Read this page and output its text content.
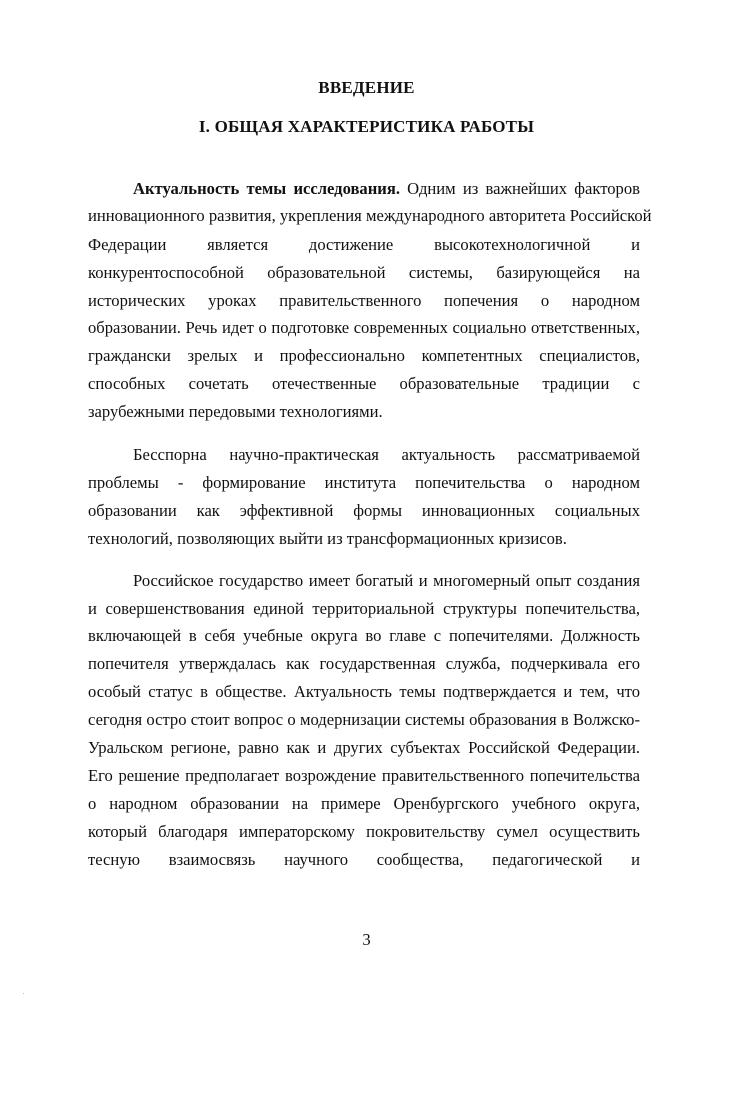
ВВЕДЕНИЕ
I. ОБЩАЯ ХАРАКТЕРИСТИКА РАБОТЫ
Актуальность темы исследования. Одним из важнейших факторов
инновационного развития, укрепления международного авторитета Российской
Федерации является достижение высокотехнологичной и
конкурентоспособной образовательной системы, базирующейся на
исторических уроках правительственного попечения о народном
образовании. Речь идет о подготовке современных социально ответственных,
граждански зрелых и профессионально компетентных специалистов,
способных сочетать отечественные образовательные традиции с
зарубежными передовыми технологиями.
Бесспорна научно-практическая актуальность рассматриваемой
проблемы - формирование института попечительства о народном
образовании как эффективной формы инновационных социальных
технологий, позволяющих выйти из трансформационных кризисов.
Российское государство имеет богатый и многомерный опыт создания
и совершенствования единой территориальной структуры попечительства,
включающей в себя учебные округа во главе с попечителями. Должность
попечителя утверждалась как государственная служба, подчеркивала его
особый статус в обществе. Актуальность темы подтверждается и тем, что
сегодня остро стоит вопрос о модернизации системы образования в Волжско-
Уральском регионе, равно как и других субъектах Российской Федерации.
Его решение предполагает возрождение правительственного попечительства
о народном образовании на примере Оренбургского учебного округа,
который благодаря императорскому покровительству сумел осуществить
тесную взаимосвязь научного сообщества, педагогической и
3
